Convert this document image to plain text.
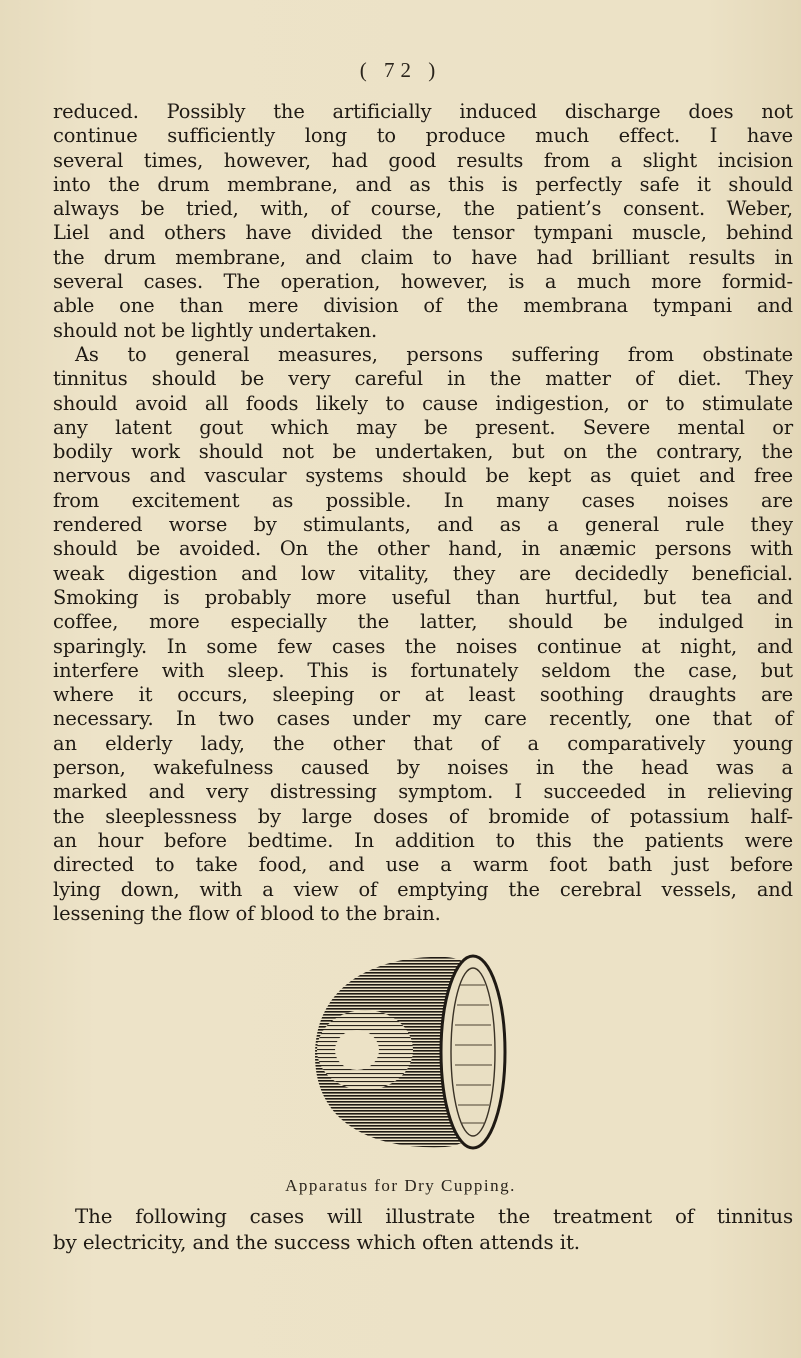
( 72 )
reduced. Possibly the artificially induced discharge does not
continue sufficiently long to produce much effect. I have
several times, however, had good results from a slight incision
into the drum membrane, and as this is perfectly safe it should
always be tried, with, of course, the patient’s consent. Weber,
Liel and others have divided the tensor tympani muscle, behind
the drum membrane, and claim to have had brilliant results in
several cases. The operation, however, is a much more formid-
able one than mere division of the membrana tympani and
should not be lightly undertaken.
As to general measures, persons suffering from obstinate
tinnitus should be very careful in the matter of diet. They
should avoid all foods likely to cause indigestion, or to stimulate
any latent gout which may be present. Severe mental or
bodily work should not be undertaken, but on the contrary, the
nervous and vascular systems should be kept as quiet and free
from excitement as possible. In many cases noises are
rendered worse by stimulants, and as a general rule they
should be avoided. On the other hand, in anæmic persons with
weak digestion and low vitality, they are decidedly beneficial.
Smoking is probably more useful than hurtful, but tea and
coffee, more especially the latter, should be indulged in
sparingly. In some few cases the noises continue at night, and
interfere with sleep. This is fortunately seldom the case, but
where it occurs, sleeping or at least soothing draughts are
necessary. In two cases under my care recently, one that of
an elderly lady, the other that of a comparatively young
person, wakefulness caused by noises in the head was a
marked and very distressing symptom. I succeeded in relieving
the sleeplessness by large doses of bromide of potassium half-
an hour before bedtime. In addition to this the patients were
directed to take food, and use a warm foot bath just before
lying down, with a view of emptying the cerebral vessels, and
lessening the flow of blood to the brain.
Apparatus for Dry Cupping.
The following cases will illustrate the treatment of tinnitus
by electricity, and the success which often attends it.
